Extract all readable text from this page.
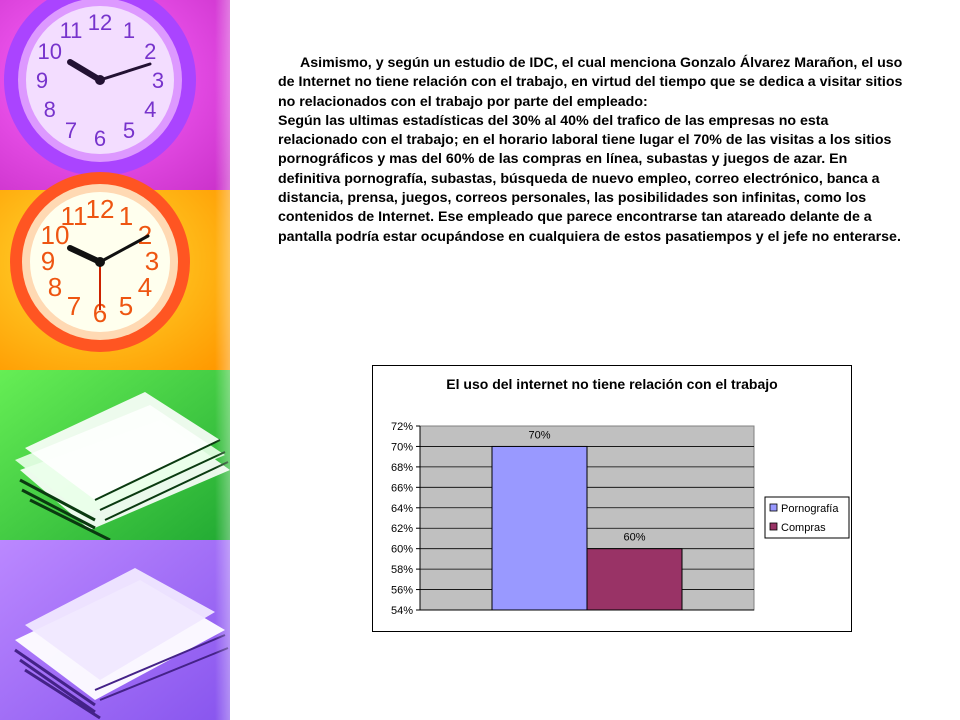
12 1
2
3
4
5
6
7
8
9
10
11
12 1
2
3
4
5
6
7
8
9
10
11

Asimismo, y según un estudio de IDC, el cual menciona Gonzalo Álvarez Marañon, el uso de Internet no tiene relación con el trabajo, en virtud del tiempo que se dedica a visitar sitios no relacionados con el trabajo por parte del empleado:

Según las ultimas estadísticas del 30% al 40% del trafico de las empresas no esta relacionado con el trabajo; en el horario laboral tiene lugar el 70% de las visitas a los sitios pornográficos y mas del 60% de las compras en línea, subastas y juegos de azar. En definitiva pornografía, subastas, búsqueda de nuevo empleo, correo electrónico, banca a distancia, prensa, juegos, correos personales, las posibilidades son infinitas, como los contenidos de Internet. Ese empleado que parece encontrarse tan atareado delante de a pantalla podría estar ocupándose en cualquiera de estos pasatiempos y el jefe no enterarse.

El uso del internet no tiene relación con el trabajo
54%
56%
58%
60%
62%
64%
66%
68%
70%
72%
70%
60%
Pornografía
Compras
